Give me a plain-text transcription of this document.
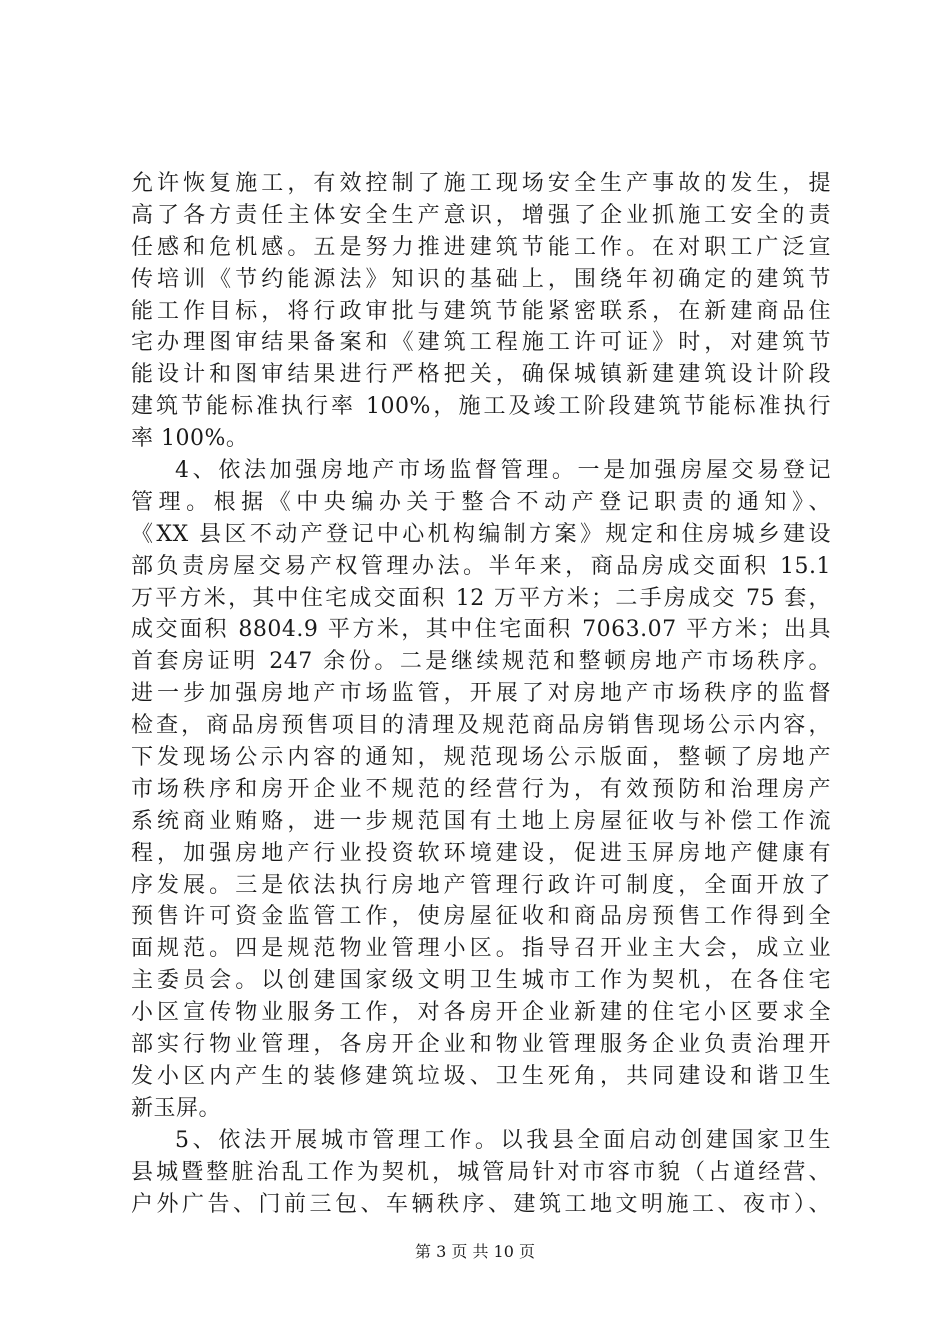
允许恢复施工，有效控制了施工现场安全生产事故的发生，提
高了各方责任主体安全生产意识，增强了企业抓施工安全的责
任感和危机感。五是努力推进建筑节能工作。在对职工广泛宣
传培训《节约能源法》知识的基础上，围绕年初确定的建筑节
能工作目标，将行政审批与建筑节能紧密联系，在新建商品住
宅办理图审结果备案和《建筑工程施工许可证》时，对建筑节
能设计和图审结果进行严格把关，确保城镇新建建筑设计阶段
建筑节能标准执行率 100%，施工及竣工阶段建筑节能标准执行
率 100%。
4、依法加强房地产市场监督管理。一是加强房屋交易登记
管理。根据《中央编办关于整合不动产登记职责的通知》、
《XX 县区不动产登记中心机构编制方案》规定和住房城乡建设
部负责房屋交易产权管理办法。半年来，商品房成交面积 15.1
万平方米，其中住宅成交面积 12 万平方米；二手房成交 75 套，
成交面积 8804.9 平方米，其中住宅面积 7063.07 平方米；出具
首套房证明 247 余份。二是继续规范和整顿房地产市场秩序。
进一步加强房地产市场监管，开展了对房地产市场秩序的监督
检查，商品房预售项目的清理及规范商品房销售现场公示内容，
下发现场公示内容的通知，规范现场公示版面，整顿了房地产
市场秩序和房开企业不规范的经营行为，有效预防和治理房产
系统商业贿赂，进一步规范国有土地上房屋征收与补偿工作流
程，加强房地产行业投资软环境建设，促进玉屏房地产健康有
序发展。三是依法执行房地产管理行政许可制度，全面开放了
预售许可资金监管工作，使房屋征收和商品房预售工作得到全
面规范。四是规范物业管理小区。指导召开业主大会，成立业
主委员会。以创建国家级文明卫生城市工作为契机，在各住宅
小区宣传物业服务工作，对各房开企业新建的住宅小区要求全
部实行物业管理，各房开企业和物业管理服务企业负责治理开
发小区内产生的装修建筑垃圾、卫生死角，共同建设和谐卫生
新玉屏。
5、依法开展城市管理工作。以我县全面启动创建国家卫生
县城暨整脏治乱工作为契机，城管局针对市容市貌（占道经营、
户外广告、门前三包、车辆秩序、建筑工地文明施工、夜市）、
第 3 页 共 10 页
